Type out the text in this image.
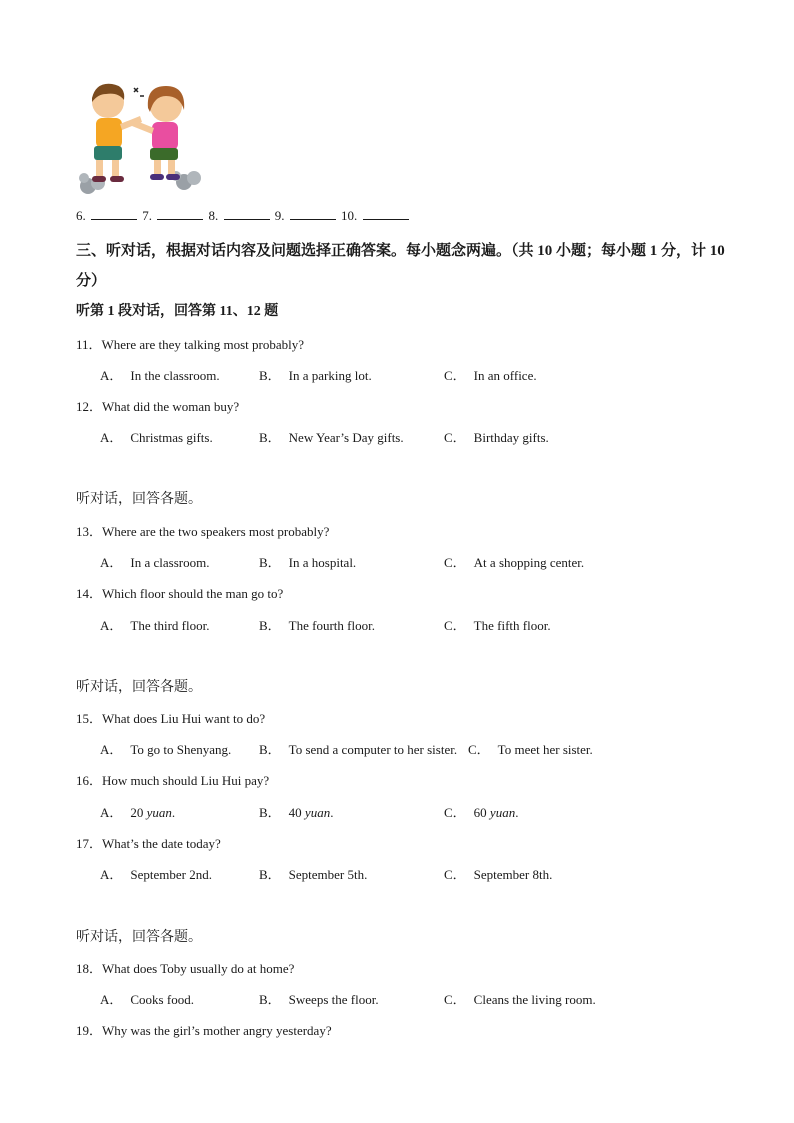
6.	7.	8.	9.	10.
三、听对话，根据对话内容及问题选择正确答案。每小题念两遍。（共 10 小题；每小题 1 分，计 10 分）
听第 1 段对话，回答第 11、12 题
11．Where are they talking most probably?
A． In the classroom.	B． In a parking lot.	C． In an office.
12．What did the woman buy?
A． Christmas gifts.	B． New Year’s Day gifts.	C． Birthday gifts.
听对话，回答各题。
13．Where are the two speakers most probably?
A． In a classroom.	B． In a hospital.	C． At a shopping center.
14．Which floor should the man go to?
A． The third floor.	B． The fourth floor.	C． The fifth floor.
听对话，回答各题。
15．What does Liu Hui want to do?
A． To go to Shenyang. B． To send a computer to her sister. C． To meet her sister.
16．How much should Liu Hui pay?
A． 20 yuan.	B． 40 yuan.	C． 60 yuan.
17．What’s the date today?
A． September 2nd.	B． September 5th.	C． September 8th.
听对话，回答各题。
18．What does Toby usually do at home?
A． Cooks food.	B． Sweeps the floor.	C． Cleans the living room.
19．Why was the girl’s mother angry yesterday?
